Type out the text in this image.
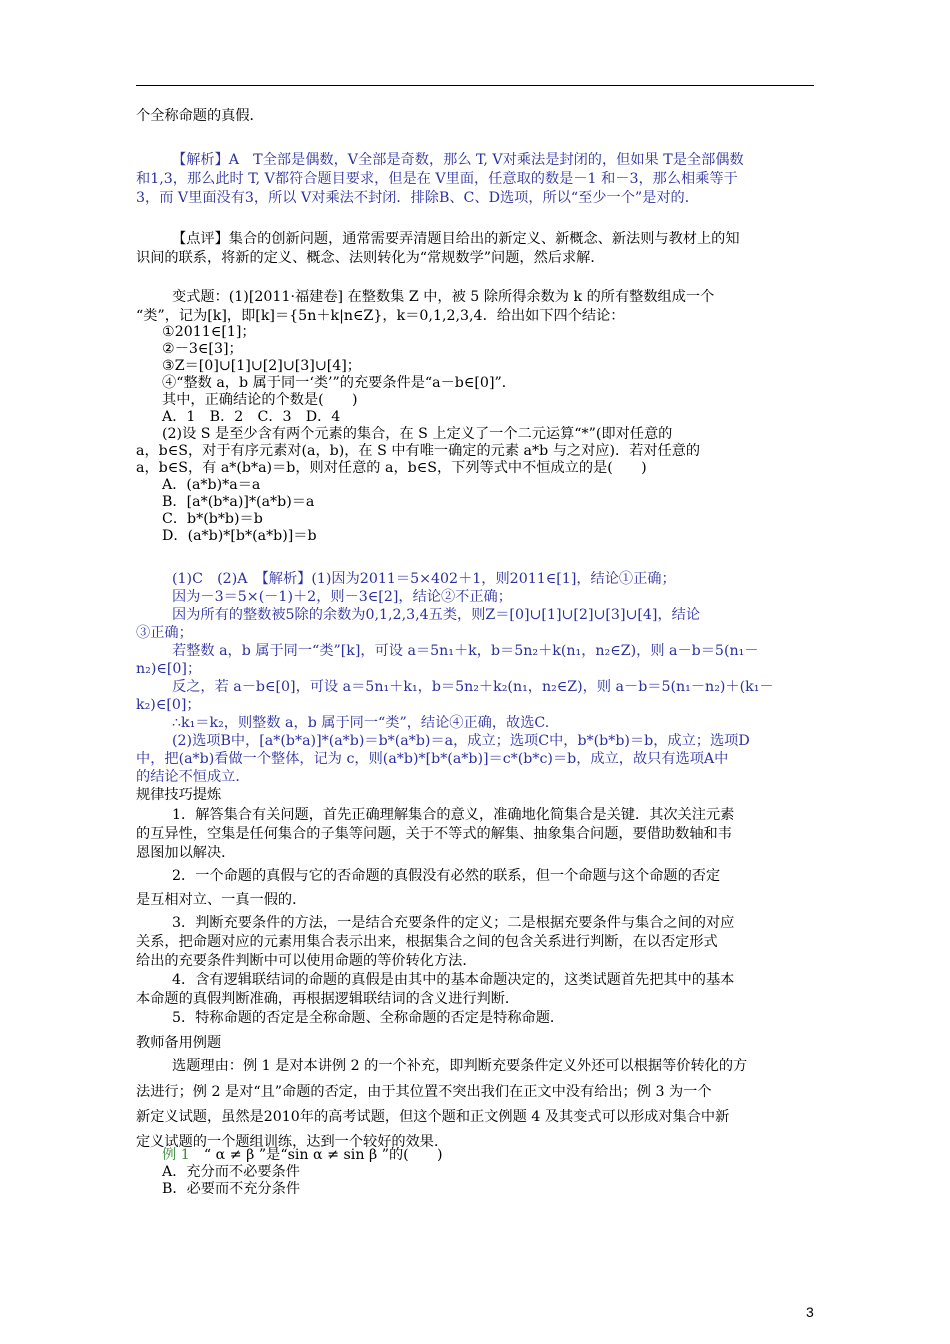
个全称命题的真假．
【解析】A　T全部是偶数，V全部是奇数，那么 T, V对乘法是封闭的，但如果 T是全部偶数
和1,3，那么此时 T, V都符合题目要求，但是在 V里面，任意取的数是－1 和－3，那么相乘等于
3，而 V里面没有3，所以 V对乘法不封闭．排除B、C、D选项，所以“至少一个”是对的．
【点评】集合的创新问题，通常需要弄清题目给出的新定义、新概念、新法则与教材上的知
识间的联系，将新的定义、概念、法则转化为“常规数学”问题，然后求解．
变式题：(1)[2011·福建卷] 在整数集 Z 中，被 5 除所得余数为 k 的所有整数组成一个
“类”，记为[k]，即[k]＝{5n＋k|n∈Z}，k＝0,1,2,3,4．给出如下四个结论：
①2011∈[1]；
②－3∈[3]；
③Z＝[0]∪[1]∪[2]∪[3]∪[4]；
④“整数 a，b 属于同一‘类’”的充要条件是“a－b∈[0]”．
其中，正确结论的个数是(　　)
A．1　B．2　C．3　D．4
(2)设 S 是至少含有两个元素的集合，在 S 上定义了一个二元运算“*”(即对任意的
a，b∈S，对于有序元素对(a，b)，在 S 中有唯一确定的元素 a*b 与之对应)．若对任意的
a，b∈S，有 a*(b*a)＝b，则对任意的 a，b∈S，下列等式中不恒成立的是(　　)
A．(a*b)*a＝a
B．[a*(b*a)]*(a*b)＝a
C．b*(b*b)＝b
D．(a*b)*[b*(a*b)]＝b
(1)C　(2)A　【解析】(1)因为2011＝5×402＋1，则2011∈[1]，结论①正确；
因为－3＝5×(－1)＋2，则－3∈[2]，结论②不正确；
因为所有的整数被5除的余数为0,1,2,3,4五类，则Z＝[0]∪[1]∪[2]∪[3]∪[4]，结论
③正确；
若整数 a，b 属于同一“类”[k]，可设 a＝5n₁＋k，b＝5n₂＋k(n₁，n₂∈Z)，则 a－b＝5(n₁－
n₂)∈[0]；
反之，若 a－b∈[0]，可设 a＝5n₁＋k₁，b＝5n₂＋k₂(n₁，n₂∈Z)，则 a－b＝5(n₁－n₂)＋(k₁－
k₂)∈[0]；
∴k₁＝k₂，则整数 a，b 属于同一“类”，结论④正确，故选C.
(2)选项B中，[a*(b*a)]*(a*b)＝b*(a*b)＝a，成立；选项C中，b*(b*b)＝b，成立；选项D
中，把(a*b)看做一个整体，记为 c，则(a*b)*[b*(a*b)]＝c*(b*c)＝b，成立，故只有选项A中
的结论不恒成立．
规律技巧提炼
1．解答集合有关问题，首先正确理解集合的意义，准确地化简集合是关键．其次关注元素
的互异性，空集是任何集合的子集等问题，关于不等式的解集、抽象集合问题，要借助数轴和韦
恩图加以解决．
2．一个命题的真假与它的否命题的真假没有必然的联系，但一个命题与这个命题的否定
是互相对立、一真一假的．
3．判断充要条件的方法，一是结合充要条件的定义；二是根据充要条件与集合之间的对应
关系，把命题对应的元素用集合表示出来，根据集合之间的包含关系进行判断，在以否定形式
给出的充要条件判断中可以使用命题的等价转化方法．
4．含有逻辑联结词的命题的真假是由其中的基本命题决定的，这类试题首先把其中的基本
本命题的真假判断准确，再根据逻辑联结词的含义进行判断．
5．特称命题的否定是全称命题、全称命题的否定是特称命题．
教师备用例题
选题理由：例 1 是对本讲例 2 的一个补充，即判断充要条件定义外还可以根据等价转化的方
法进行；例 2 是对“且”命题的否定，由于其位置不突出我们在正文中没有给出；例 3 为一个
新定义试题，虽然是2010年的高考试题，但这个题和正文例题 4 及其变式可以形成对集合中新
定义试题的一个题组训练，达到一个较好的效果．
例 1　“ α ≠ β ”是“sin α ≠ sin β ”的(　　)
A．充分而不必要条件
B．必要而不充分条件
3
